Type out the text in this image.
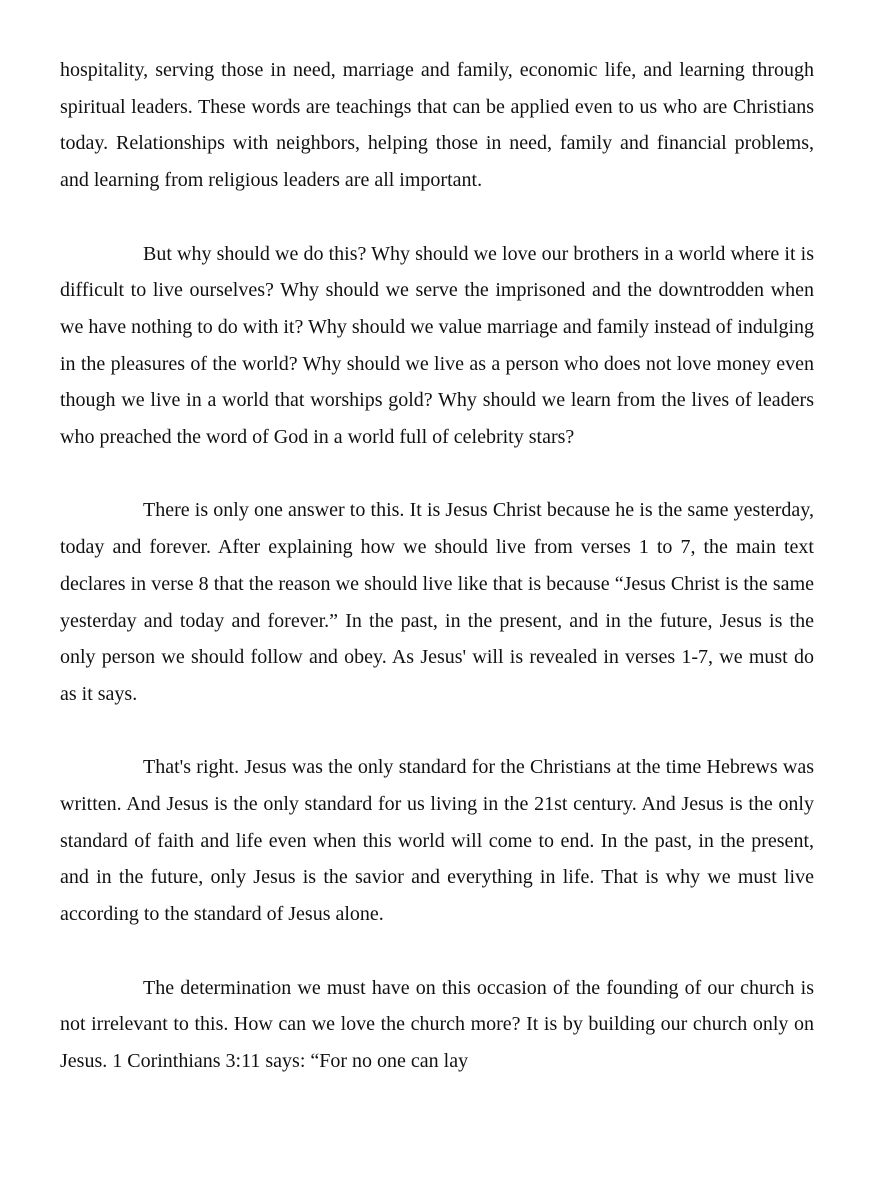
hospitality, serving those in need, marriage and family, economic life, and learning through spiritual leaders. These words are teachings that can be applied even to us who are Christians today. Relationships with neighbors, helping those in need, family and financial problems, and learning from religious leaders are all important.

But why should we do this? Why should we love our brothers in a world where it is difficult to live ourselves? Why should we serve the imprisoned and the downtrodden when we have nothing to do with it? Why should we value marriage and family instead of indulging in the pleasures of the world? Why should we live as a person who does not love money even though we live in a world that worships gold? Why should we learn from the lives of leaders who preached the word of God in a world full of celebrity stars?

There is only one answer to this. It is Jesus Christ because he is the same yesterday, today and forever. After explaining how we should live from verses 1 to 7, the main text declares in verse 8 that the reason we should live like that is because “Jesus Christ is the same yesterday and today and forever.” In the past, in the present, and in the future, Jesus is the only person we should follow and obey. As Jesus' will is revealed in verses 1-7, we must do as it says.

That's right. Jesus was the only standard for the Christians at the time Hebrews was written. And Jesus is the only standard for us living in the 21st century. And Jesus is the only standard of faith and life even when this world will come to end. In the past, in the present, and in the future, only Jesus is the savior and everything in life. That is why we must live according to the standard of Jesus alone.

The determination we must have on this occasion of the founding of our church is not irrelevant to this. How can we love the church more? It is by building our church only on Jesus. 1 Corinthians 3:11 says: “For no one can lay
